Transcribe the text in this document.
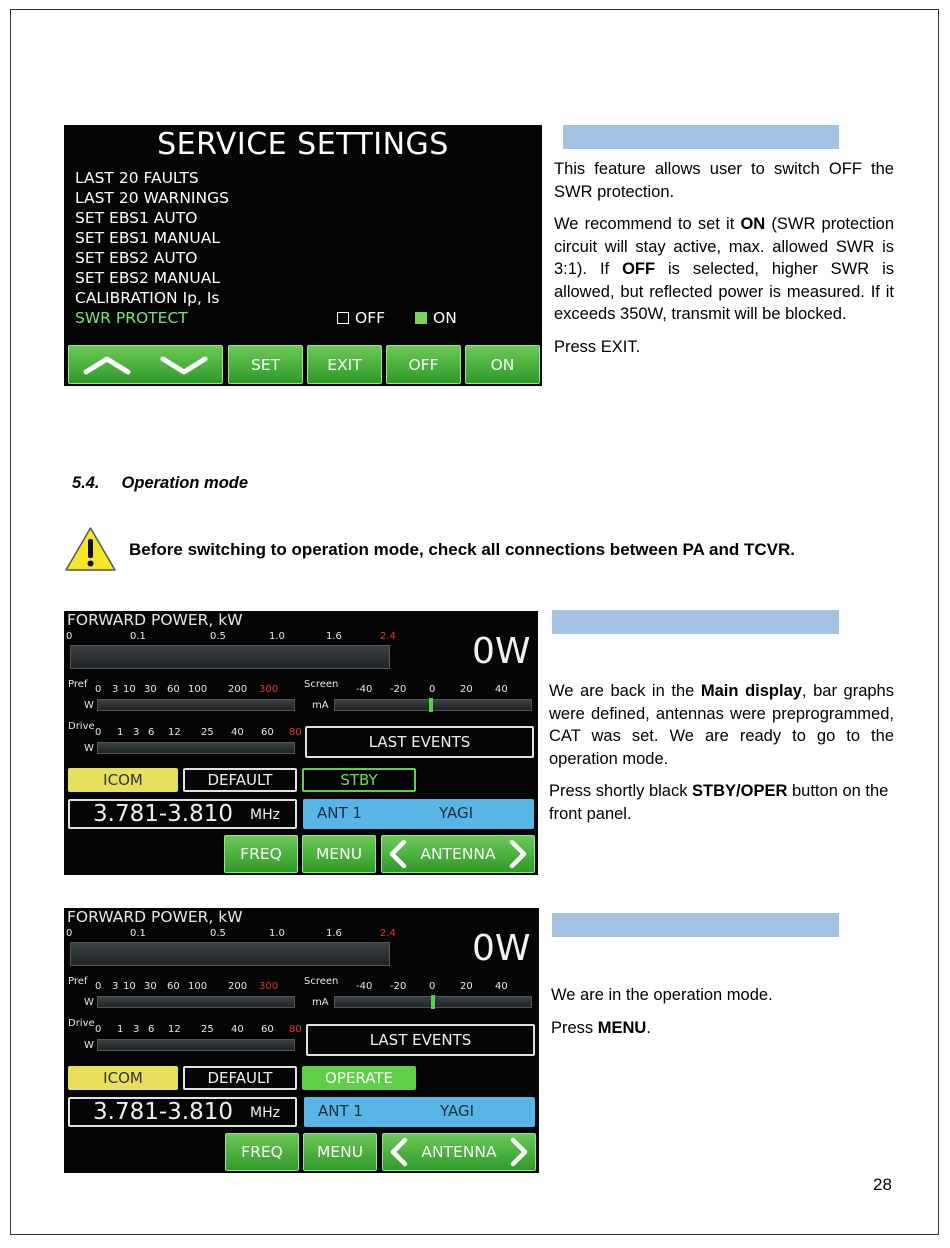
SERVICE SETTINGS
LAST 20 FAULTS
LAST 20 WARNINGS
SET EBS1 AUTO
SET EBS1 MANUAL
SET EBS2 AUTO
SET EBS2 MANUAL
CALIBRATION Ip, Is
SWR PROTECT	OFF	ON
SET	EXIT	OFF	ON

This feature allows user to switch OFF the SWR protection.

We recommend to set it ON (SWR protection circuit will stay active, max. allowed SWR is 3:1). If OFF is selected, higher SWR is allowed, but reflected power is measured. If it exceeds 350W, transmit will be blocked.

Press EXIT.

5.4. Operation mode
Before switching to operation mode, check all connections between PA and TCVR.
FORWARD POWER, kW
0	0.1	0.5	1.0	1.6	2.4 0W
Pref
W
0 3 10 30 60 100 200 300
Drive
W
0 1 3 6 12 25 40 60 80
Screen
mA
-40 -20 0 20 40
LAST EVENTS
ICOM	DEFAULT	STBY
3.781-3.810 MHz ANT 1	YAGI
FREQ	MENU	ANTENNA

We are back in the Main display, bar graphs were defined, antennas were preprogrammed, CAT was set. We are ready to go to the operation mode.

Press shortly black STBY/OPER button on the front panel.

FORWARD POWER, kW
0	0.1	0.5	1.0	1.6	2.4 0W
Pref
W
0 3 10 30 60 100 200 300
Drive
W
0 1 3 6 12 25 40 60 80
Screen
mA
-40 -20 0 20 40
LAST EVENTS
ICOM	DEFAULT	OPERATE
3.781-3.810 MHz	ANT 1	YAGI
FREQ	MENU	ANTENNA

We are in the operation mode.

Press MENU.

28
